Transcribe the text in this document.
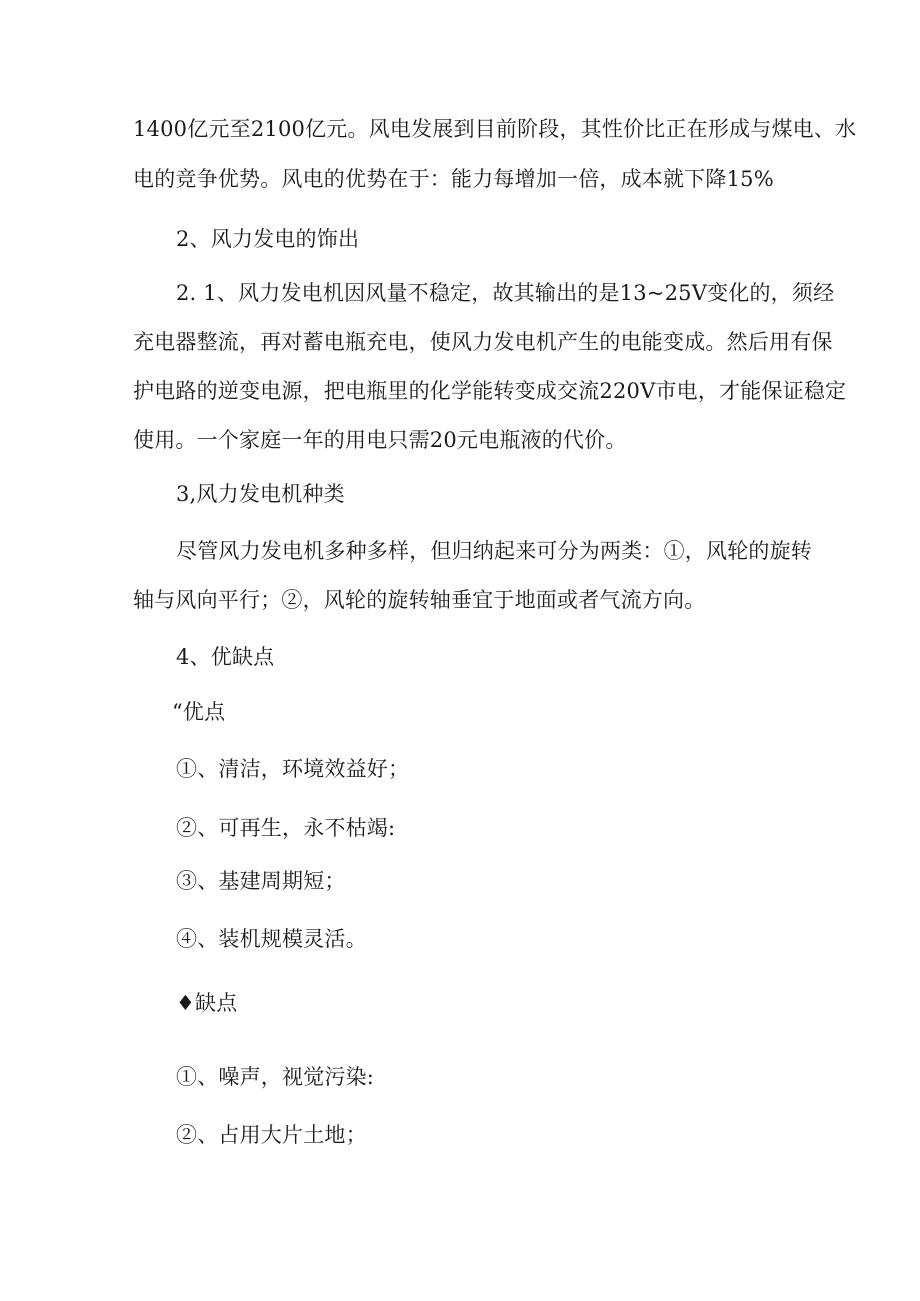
1400亿元至2100亿元。风电发展到目前阶段，其性价比正在形成与煤电、水

电的竞争优势。风电的优势在于：能力每增加一倍，成本就下降15%

2、风力发电的饰出

2. 1、风力发电机因风量不稳定，故其输出的是13~25V变化的，须经

充电器整流，再对蓄电瓶充电，使风力发电机产生的电能变成。然后用有保

护电路的逆变电源，把电瓶里的化学能转变成交流220V市电，才能保证稳定

使用。一个家庭一年的用电只需20元电瓶液的代价。

3,风力发电机种类

尽管风力发电机多种多样，但归纳起来可分为两类：①，风轮的旋转

轴与风向平行；②，风轮的旋转轴垂宜于地面或者气流方向。

4、优缺点

“优点

①、清洁，环境效益好；

②、可再生，永不枯竭:

③、基建周期短；

④、装机规模灵活。

♦缺点

①、噪声，视觉污染:

②、占用大片土地；
